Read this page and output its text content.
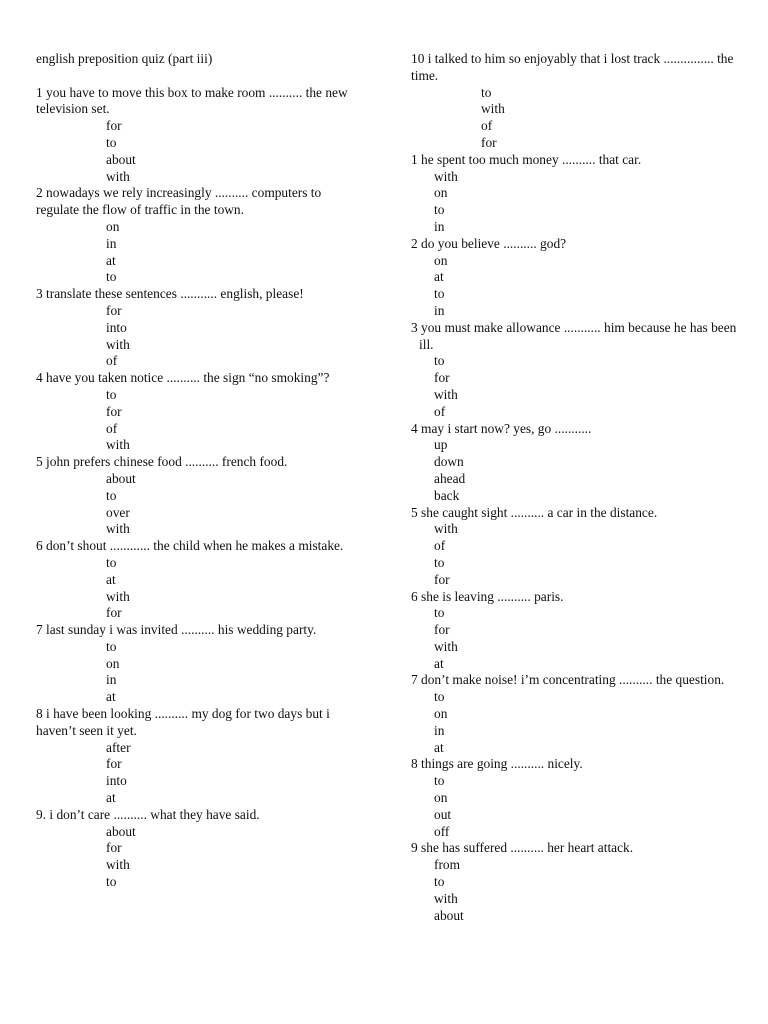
english preposition quiz (part iii)
1 you have to move this box to make room .......... the new television set.
for
to
about
with
2 nowadays we rely increasingly .......... computers to regulate the flow of traffic in the town.
on
in
at
to
3 translate these sentences ........... english, please!
for
into
with
of
4 have you taken notice .......... the sign “no smoking”?
to
for
of
with
5 john prefers chinese food .......... french food.
about
to
over
with
6 don’t shout ............ the child when he makes a mistake.
to
at
with
for
7 last sunday i was invited .......... his wedding party.
to
on
in
at
8 i have been looking .......... my dog for two days but i haven’t seen it yet.
after
for
into
at
9. i don’t care .......... what they have said.
about
for
with
to
10 i talked to him so enjoyably that i lost track ............... the time.
to
with
of
for
1 he spent too much money .......... that car.
with
on
to
in
2 do you believe .......... god?
on
at
to
in
3 you must make allowance ........... him because he has been ill.
to
for
with
of
4 may i start now? yes, go ...........
up
down
ahead
back
5 she caught sight .......... a car in the distance.
with
of
to
for
6 she is leaving .......... paris.
to
for
with
at
7 don’t make noise! i’m concentrating .......... the question.
to
on
in
at
8 things are going .......... nicely.
to
on
out
off
9 she has suffered .......... her heart attack.
from
to
with
about
